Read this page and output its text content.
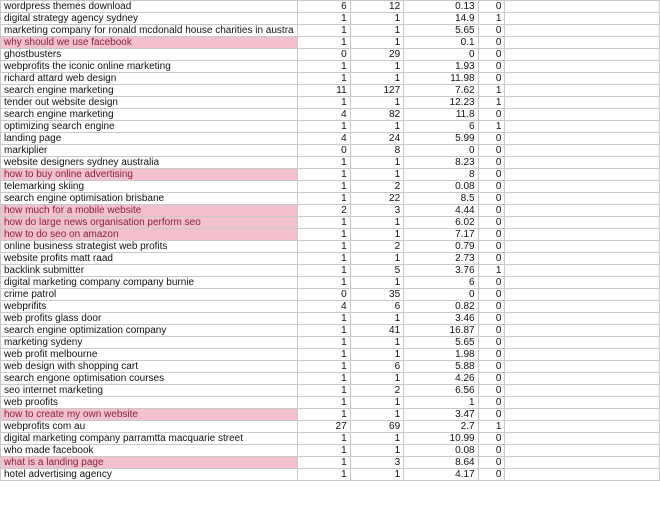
wordpress themes download	6	12	0.13	0	
digital strategy agency sydney	1	1	14.9	1	
marketing company for ronald mcdonald house charities in austra	1	1	5.65	0	
why should we use facebook	1	1	0.1	0	
ghostbusters	0	29	0	0	
webprofits the iconic online marketing	1	1	1.93	0	
richard attard web design	1	1	11.98	0	
search engine marketing	11	127	7.62	1	
tender out website design	1	1	12.23	1	
search engine marketing	4	82	11.8	0	
optimizing search engine	1	1	6	1	
landing page	4	24	5.99	0	
markiplier	0	8	0	0	
website designers sydney australia	1	1	8.23	0	
how to buy online advertising	1	1	8	0	
telemarking skiing	1	2	0.08	0	
search engine optimisation brisbane	1	22	8.5	0	
how much for a mobile website	2	3	4.44	0	
how do large news organisation perform seo	1	1	6.02	0	
how to do seo on amazon	1	1	7.17	0	
online business strategist web profits	1	2	0.79	0	
website profits matt raad	1	1	2.73	0	
backlink submitter	1	5	3.76	1	
digital marketing company company burnie	1	1	6	0	
crime patrol	0	35	0	0	
webprifits	4	6	0.82	0	
web profits glass door	1	1	3.46	0	
search engine optimization company	1	41	16.87	0	
marketing sydeny	1	1	5.65	0	
web profit melbourne	1	1	1.98	0	
web design with shopping cart	1	6	5.88	0	
search engone optimisation courses	1	1	4.26	0	
seo internet marketing	1	2	6.56	0	
web proofits	1	1	1	0	
how to create my own website	1	1	3.47	0	
webprofits com au	27	69	2.7	1	
digital marketing company parramtta macquarie street	1	1	10.99	0	
who made facebook	1	1	0.08	0	
what is a landing page	1	3	8.64	0	
hotel advertising agency	1	1	4.17	0	
